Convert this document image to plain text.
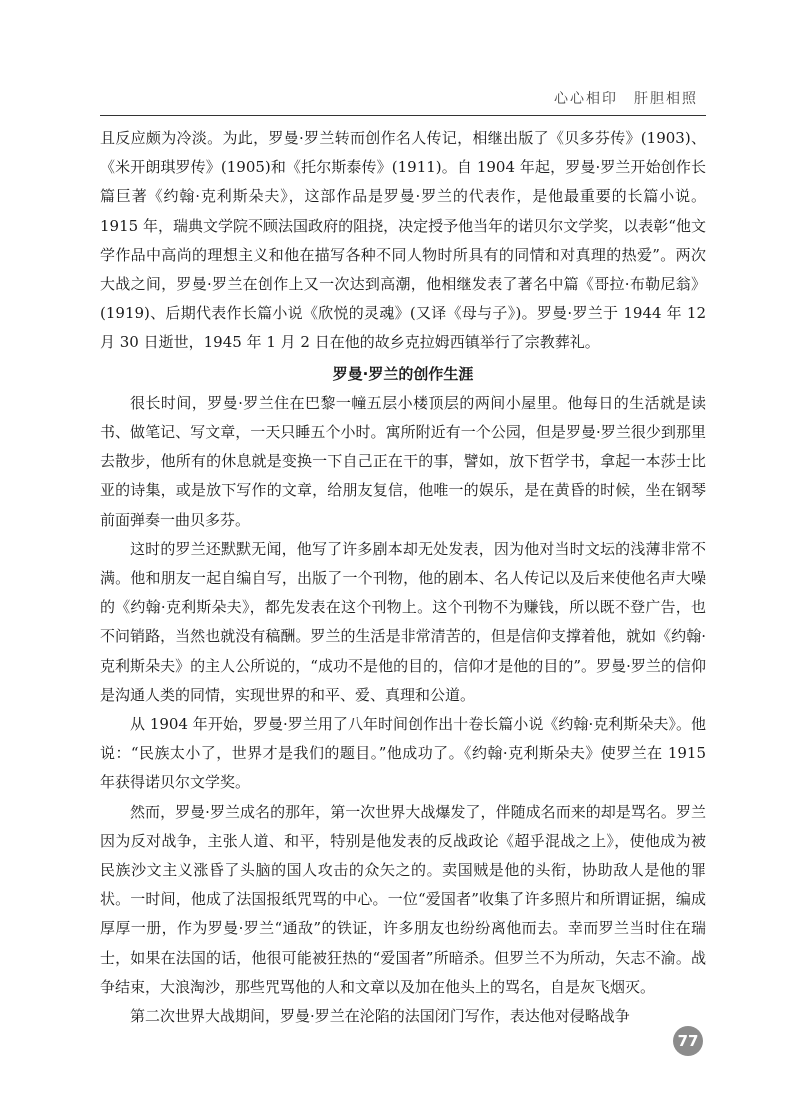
心心相印　肝胆相照

且反应颇为冷淡。为此，罗曼·罗兰转而创作名人传记，相继出版了《贝多芬传》(1903)、《米开朗琪罗传》(1905)和《托尔斯泰传》(1911)。自 1904 年起，罗曼·罗兰开始创作长篇巨著《约翰·克利斯朵夫》，这部作品是罗曼·罗兰的代表作，是他最重要的长篇小说。1915 年，瑞典文学院不顾法国政府的阻挠，决定授予他当年的诺贝尔文学奖，以表彰“他文学作品中高尚的理想主义和他在描写各种不同人物时所具有的同情和对真理的热爱”。两次大战之间，罗曼·罗兰在创作上又一次达到高潮，他相继发表了著名中篇《哥拉·布勒尼翁》(1919)、后期代表作长篇小说《欣悦的灵魂》(又译《母与子》)。罗曼·罗兰于 1944 年 12 月 30 日逝世，1945 年 1 月 2 日在他的故乡克拉姆西镇举行了宗教葬礼。

罗曼·罗兰的创作生涯

很长时间，罗曼·罗兰住在巴黎一幢五层小楼顶层的两间小屋里。他每日的生活就是读书、做笔记、写文章，一天只睡五个小时。寓所附近有一个公园，但是罗曼·罗兰很少到那里去散步，他所有的休息就是变换一下自己正在干的事，譬如，放下哲学书，拿起一本莎士比亚的诗集，或是放下写作的文章，给朋友复信，他唯一的娱乐，是在黄昏的时候，坐在钢琴前面弹奏一曲贝多芬。

这时的罗兰还默默无闻，他写了许多剧本却无处发表，因为他对当时文坛的浅薄非常不满。他和朋友一起自编自写，出版了一个刊物，他的剧本、名人传记以及后来使他名声大噪的《约翰·克利斯朵夫》，都先发表在这个刊物上。这个刊物不为赚钱，所以既不登广告，也不问销路，当然也就没有稿酬。罗兰的生活是非常清苦的，但是信仰支撑着他，就如《约翰·克利斯朵夫》的主人公所说的，“成功不是他的目的，信仰才是他的目的”。罗曼·罗兰的信仰是沟通人类的同情，实现世界的和平、爱、真理和公道。

从 1904 年开始，罗曼·罗兰用了八年时间创作出十卷长篇小说《约翰·克利斯朵夫》。他说：“民族太小了，世界才是我们的题目。”他成功了。《约翰·克利斯朵夫》使罗兰在 1915 年获得诺贝尔文学奖。

然而，罗曼·罗兰成名的那年，第一次世界大战爆发了，伴随成名而来的却是骂名。罗兰因为反对战争，主张人道、和平，特别是他发表的反战政论《超乎混战之上》，使他成为被民族沙文主义涨昏了头脑的国人攻击的众矢之的。卖国贼是他的头衔，协助敌人是他的罪状。一时间，他成了法国报纸咒骂的中心。一位“爱国者”收集了许多照片和所谓证据，编成厚厚一册，作为罗曼·罗兰“通敌”的铁证，许多朋友也纷纷离他而去。幸而罗兰当时住在瑞士，如果在法国的话，他很可能被狂热的“爱国者”所暗杀。但罗兰不为所动，矢志不渝。战争结束，大浪淘沙，那些咒骂他的人和文章以及加在他头上的骂名，自是灰飞烟灭。

第二次世界大战期间，罗曼·罗兰在沦陷的法国闭门写作，表达他对侵略战争

77
